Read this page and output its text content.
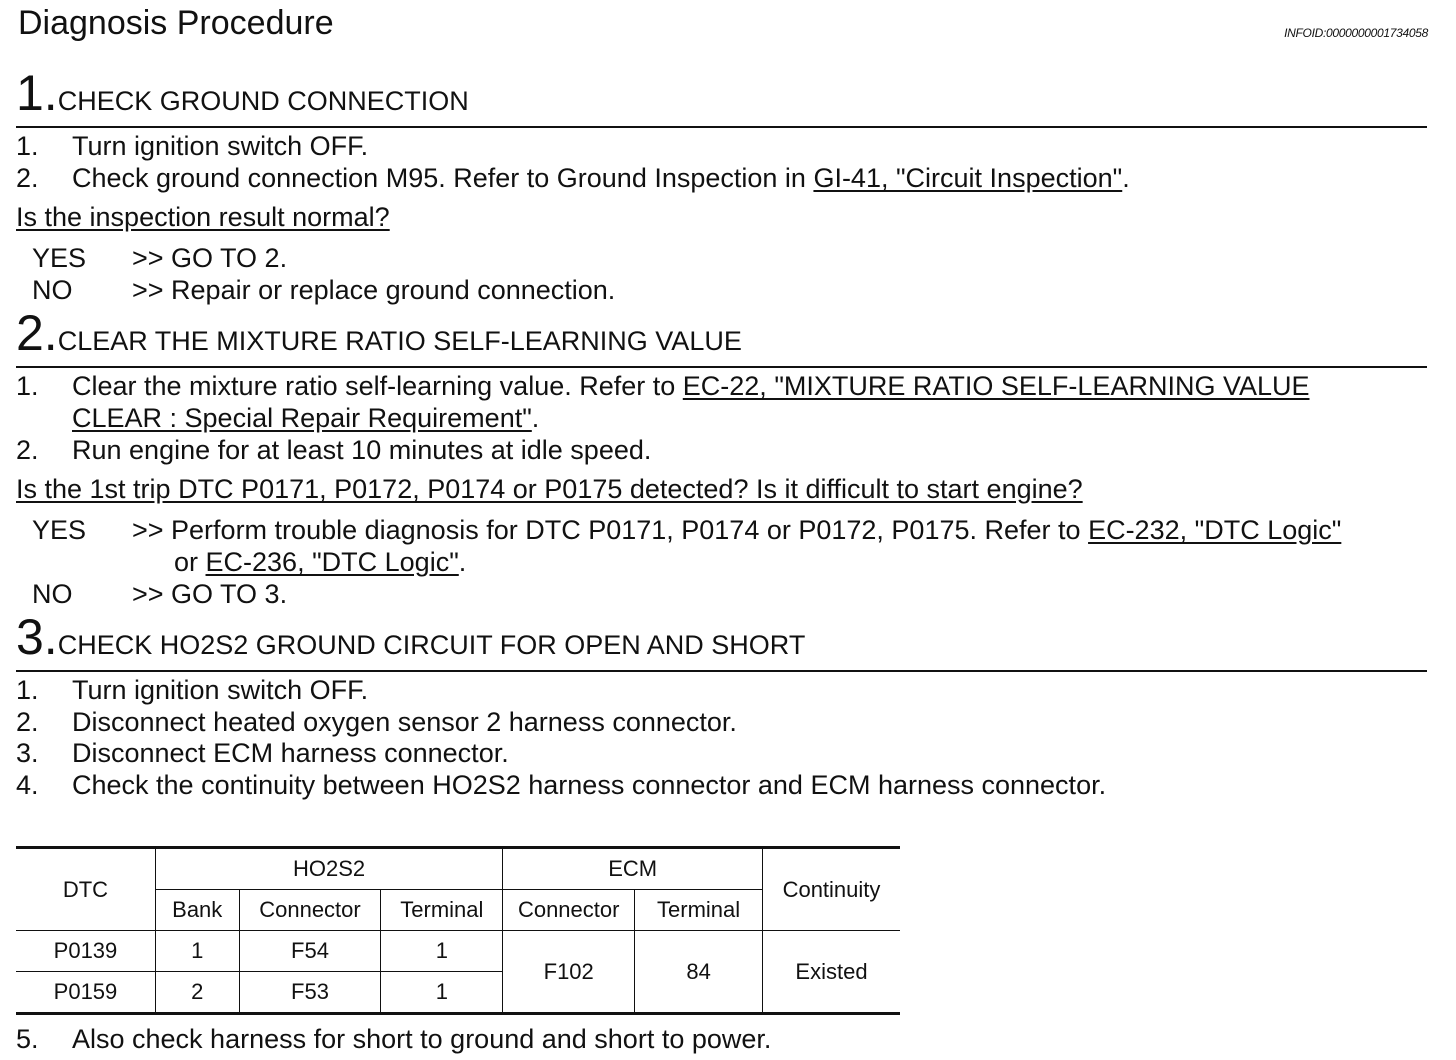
Diagnosis Procedure	INFOID:0000000001734058
1.CHECK GROUND CONNECTION
1. Turn ignition switch OFF.
2. Check ground connection M95. Refer to Ground Inspection in GI-41, "Circuit Inspection".
Is the inspection result normal?
YES >> GO TO 2.
NO >> Repair or replace ground connection.
2.CLEAR THE MIXTURE RATIO SELF-LEARNING VALUE
1. Clear the mixture ratio self-learning value. Refer to EC-22, "MIXTURE RATIO SELF-LEARNING VALUE
CLEAR : Special Repair Requirement".
2. Run engine for at least 10 minutes at idle speed.
Is the 1st trip DTC P0171, P0172, P0174 or P0175 detected? Is it difficult to start engine?
YES >> Perform trouble diagnosis for DTC P0171, P0174 or P0172, P0175. Refer to EC-232, "DTC Logic"
or EC-236, "DTC Logic".
NO >> GO TO 3.
3.CHECK HO2S2 GROUND CIRCUIT FOR OPEN AND SHORT
1. Turn ignition switch OFF.
2. Disconnect heated oxygen sensor 2 harness connector.
3. Disconnect ECM harness connector.
4. Check the continuity between HO2S2 harness connector and ECM harness connector.
DTC	HO2S2			ECM		Continuity
	Bank	Connector	Terminal	Connector	Terminal	
P0139	1	F54	1	F102	84	Existed
P0159	2	F53	1			
5. Also check harness for short to ground and short to power.
